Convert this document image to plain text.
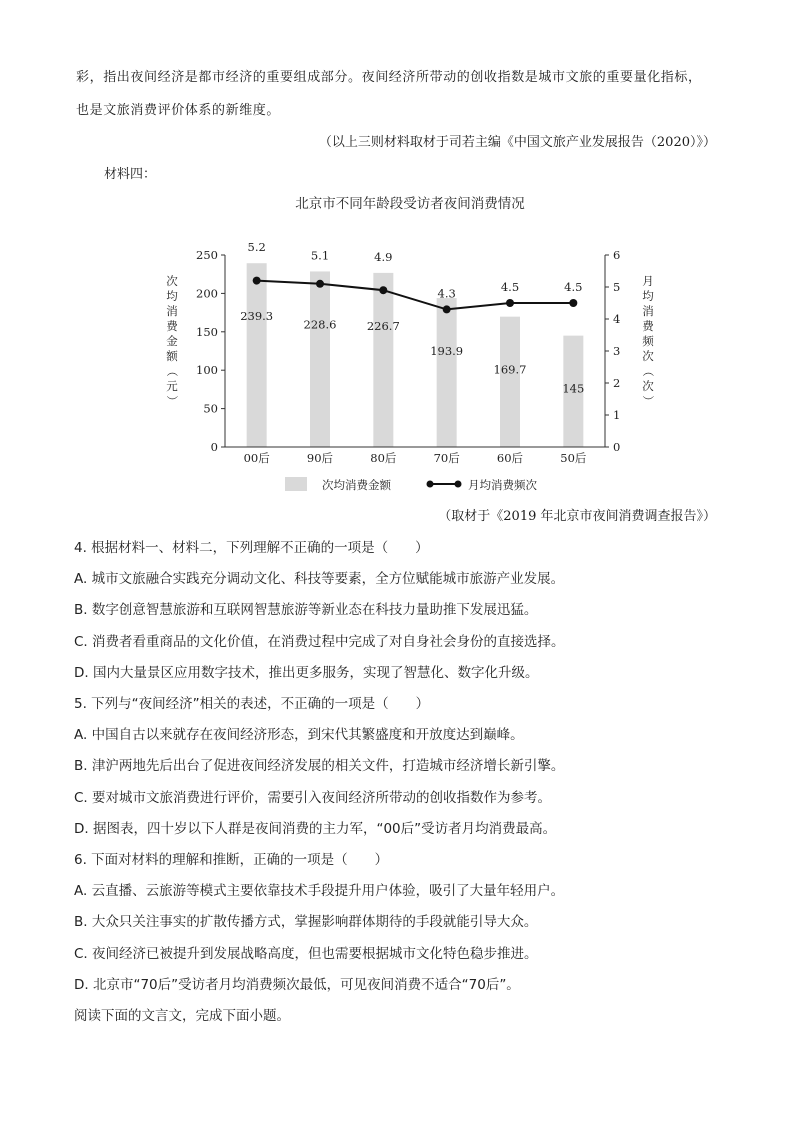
彩，指出夜间经济是都市经济的重要组成部分。夜间经济所带动的创收指数是城市文旅的重要量化指标，
也是文旅消费评价体系的新维度。
（以上三则材料取材于司若主编《中国文旅产业发展报告（2020）》）
材料四：
北京市不同年龄段受访者夜间消费情况
0
50
100
150
200
250
0
1
2
3
4
5
6
00后	90后	80后	70后	60后	50后
次
均
消
费
金
额
（
元
）
月
均
消
费
频
次
（
次
）
239.3
228.6	226.7
193.9
169.7
145
5.2
5.1	4.9
4.3	4.5	4.5
次均消费金额	月均消费频次
（取材于《2019 年北京市夜间消费调查报告》）
4. 根据材料一、材料二，下列理解不正确的一项是（　　）
A. 城市文旅融合实践充分调动文化、科技等要素，全方位赋能城市旅游产业发展。
B. 数字创意智慧旅游和互联网智慧旅游等新业态在科技力量助推下发展迅猛。
C. 消费者看重商品的文化价值，在消费过程中完成了对自身社会身份的直接选择。
D. 国内大量景区应用数字技术，推出更多服务，实现了智慧化、数字化升级。
5. 下列与“夜间经济”相关的表述，不正确的一项是（　　）
A. 中国自古以来就存在夜间经济形态，到宋代其繁盛度和开放度达到巅峰。
B. 津沪两地先后出台了促进夜间经济发展的相关文件，打造城市经济增长新引擎。
C. 要对城市文旅消费进行评价，需要引入夜间经济所带动的创收指数作为参考。
D. 据图表，四十岁以下人群是夜间消费的主力军，“00后”受访者月均消费最高。
6. 下面对材料的理解和推断，正确的一项是（　　）
A. 云直播、云旅游等模式主要依靠技术手段提升用户体验，吸引了大量年轻用户。
B. 大众只关注事实的扩散传播方式，掌握影响群体期待的手段就能引导大众。
C. 夜间经济已被提升到发展战略高度，但也需要根据城市文化特色稳步推进。
D. 北京市“70后”受访者月均消费频次最低，可见夜间消费不适合“70后”。
阅读下面的文言文，完成下面小题。
